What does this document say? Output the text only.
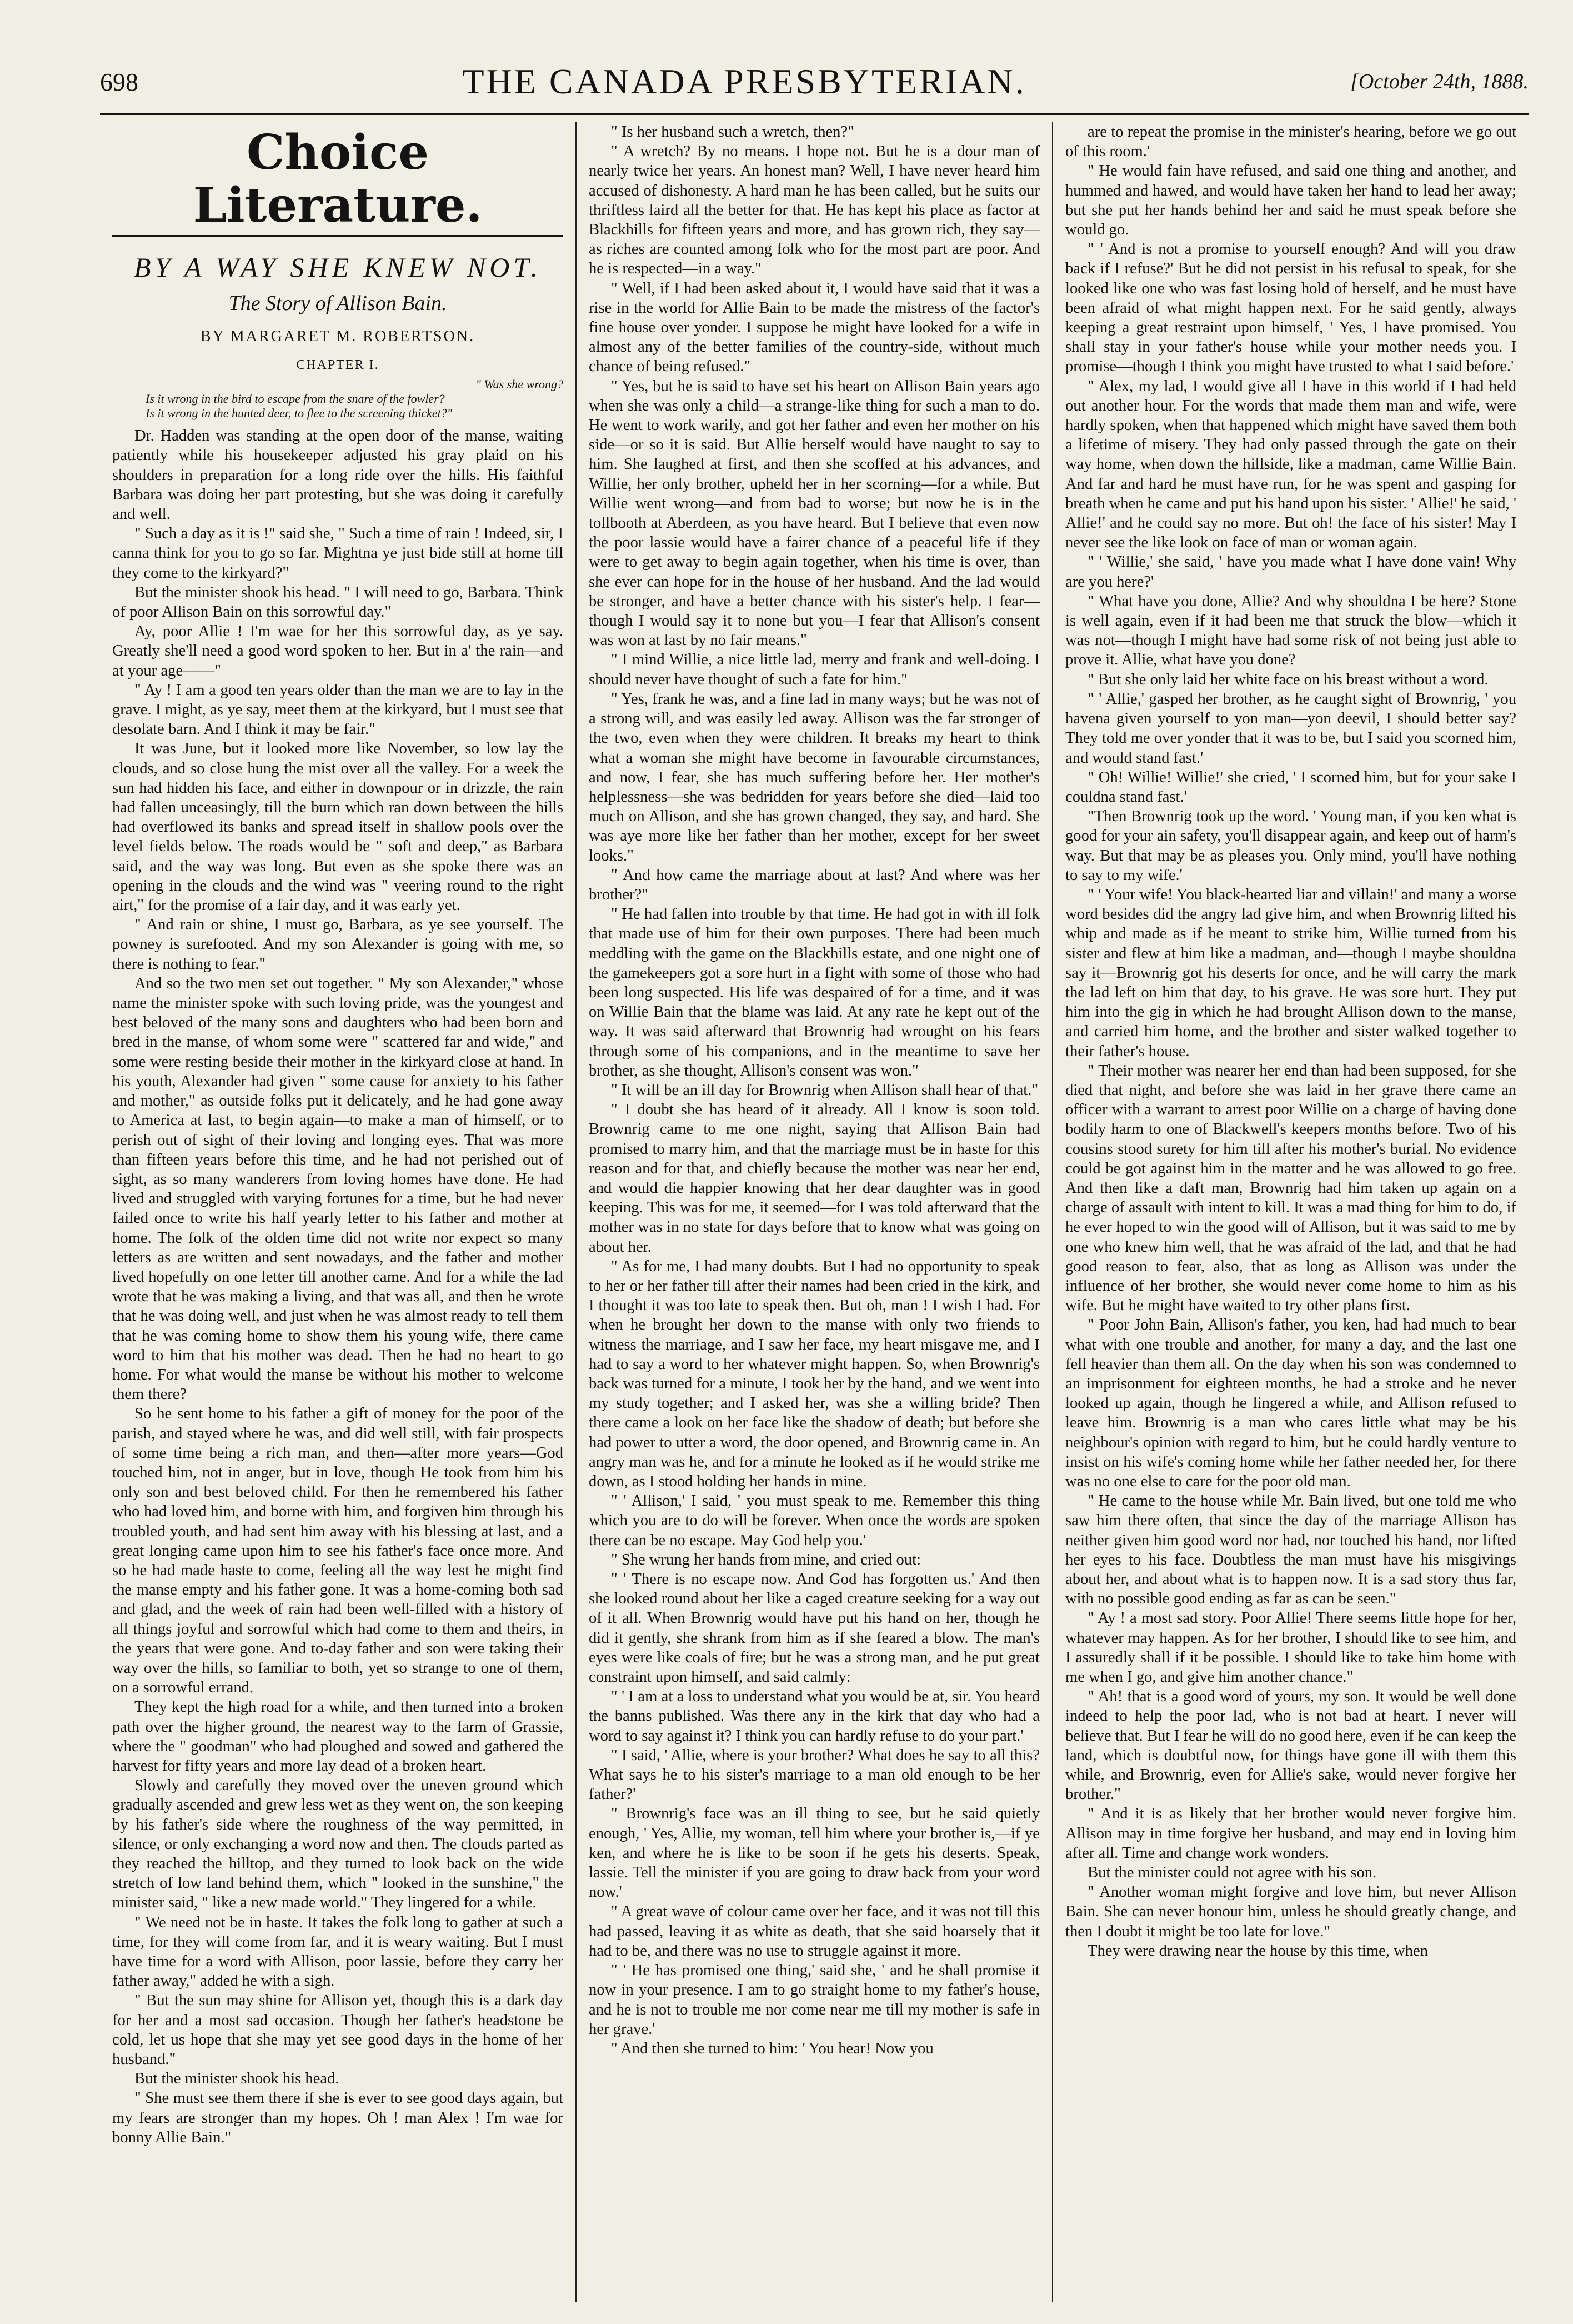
698	THE CANADA PRESBYTERIAN.	[October 24th, 1888.
Choice Literature.
BY A WAY SHE KNEW NOT.
The Story of Allison Bain.
BY MARGARET M. ROBERTSON.
CHAPTER I.
" Was she wrong?
Is it wrong in the bird to escape from the snare of the fowler?
Is it wrong in the hunted deer, to flee to the screening thicket?"

Dr. Hadden was standing at the open door of the manse, waiting patiently while his housekeeper adjusted his gray plaid on his shoulders in preparation for a long ride over the hills. His faithful Barbara was doing her part protesting, but she was doing it carefully and well.

" Such a day as it is !" said she, " Such a time of rain ! Indeed, sir, I canna think for you to go so far. Mightna ye just bide still at home till they come to the kirkyard?"

But the minister shook his head. " I will need to go, Barbara. Think of poor Allison Bain on this sorrowful day."

Ay, poor Allie ! I'm wae for her this sorrowful day, as ye say. Greatly she'll need a good word spoken to her. But in a' the rain—and at your age——"

" Ay ! I am a good ten years older than the man we are to lay in the grave. I might, as ye say, meet them at the kirkyard, but I must see that desolate barn. And I think it may be fair."

It was June, but it looked more like November, so low lay the clouds, and so close hung the mist over all the valley. For a week the sun had hidden his face, and either in downpour or in drizzle, the rain had fallen unceasingly, till the burn which ran down between the hills had overflowed its banks and spread itself in shallow pools over the level fields below. The roads would be " soft and deep," as Barbara said, and the way was long. But even as she spoke there was an opening in the clouds and the wind was " veering round to the right airt," for the promise of a fair day, and it was early yet.

" And rain or shine, I must go, Barbara, as ye see yourself. The powney is surefooted. And my son Alexander is going with me, so there is nothing to fear."

And so the two men set out together. " My son Alexander," whose name the minister spoke with such loving pride, was the youngest and best beloved of the many sons and daughters who had been born and bred in the manse, of whom some were " scattered far and wide," and some were resting beside their mother in the kirkyard close at hand. In his youth, Alexander had given " some cause for anxiety to his father and mother," as outside folks put it delicately, and he had gone away to America at last, to begin again—to make a man of himself, or to perish out of sight of their loving and longing eyes. That was more than fifteen years before this time, and he had not perished out of sight, as so many wanderers from loving homes have done. He had lived and struggled with varying fortunes for a time, but he had never failed once to write his half yearly letter to his father and mother at home. The folk of the olden time did not write nor expect so many letters as are written and sent nowadays, and the father and mother lived hopefully on one letter till another came. And for a while the lad wrote that he was making a living, and that was all, and then he wrote that he was doing well, and just when he was almost ready to tell them that he was coming home to show them his young wife, there came word to him that his mother was dead. Then he had no heart to go home. For what would the manse be without his mother to welcome them there?

So he sent home to his father a gift of money for the poor of the parish, and stayed where he was, and did well still, with fair prospects of some time being a rich man, and then—after more years—God touched him, not in anger, but in love, though He took from him his only son and best beloved child. For then he remembered his father who had loved him, and borne with him, and forgiven him through his troubled youth, and had sent him away with his blessing at last, and a great longing came upon him to see his father's face once more. And so he had made haste to come, feeling all the way lest he might find the manse empty and his father gone. It was a home-coming both sad and glad, and the week of rain had been well-filled with a history of all things joyful and sorrowful which had come to them and theirs, in the years that were gone. And to-day father and son were taking their way over the hills, so familiar to both, yet so strange to one of them, on a sorrowful errand.

They kept the high road for a while, and then turned into a broken path over the higher ground, the nearest way to the farm of Grassie, where the " goodman" who had ploughed and sowed and gathered the harvest for fifty years and more lay dead of a broken heart.

Slowly and carefully they moved over the uneven ground which gradually ascended and grew less wet as they went on, the son keeping by his father's side where the roughness of the way permitted, in silence, or only exchanging a word now and then. The clouds parted as they reached the hilltop, and they turned to look back on the wide stretch of low land behind them, which " looked in the sunshine," the minister said, " like a new made world." They lingered for a while.

" We need not be in haste. It takes the folk long to gather at such a time, for they will come from far, and it is weary waiting. But I must have time for a word with Allison, poor lassie, before they carry her father away," added he with a sigh.

" But the sun may shine for Allison yet, though this is a dark day for her and a most sad occasion. Though her father's headstone be cold, let us hope that she may yet see good days in the home of her husband."

But the minister shook his head.

" She must see them there if she is ever to see good days again, but my fears are stronger than my hopes. Oh ! man Alex ! I'm wae for bonny Allie Bain."

" Is her husband such a wretch, then?"

" A wretch? By no means. I hope not. But he is a dour man of nearly twice her years. An honest man? Well, I have never heard him accused of dishonesty. A hard man he has been called, but he suits our thriftless laird all the better for that. He has kept his place as factor at Blackhills for fifteen years and more, and has grown rich, they say—as riches are counted among folk who for the most part are poor. And he is respected—in a way."

" Well, if I had been asked about it, I would have said that it was a rise in the world for Allie Bain to be made the mistress of the factor's fine house over yonder. I suppose he might have looked for a wife in almost any of the better families of the country-side, without much chance of being refused."

" Yes, but he is said to have set his heart on Allison Bain years ago when she was only a child—a strange-like thing for such a man to do. He went to work warily, and got her father and even her mother on his side—or so it is said. But Allie herself would have naught to say to him. She laughed at first, and then she scoffed at his advances, and Willie, her only brother, upheld her in her scorning—for a while. But Willie went wrong—and from bad to worse; but now he is in the tollbooth at Aberdeen, as you have heard. But I believe that even now the poor lassie would have a fairer chance of a peaceful life if they were to get away to begin again together, when his time is over, than she ever can hope for in the house of her husband. And the lad would be stronger, and have a better chance with his sister's help. I fear—though I would say it to none but you—I fear that Allison's consent was won at last by no fair means."

" I mind Willie, a nice little lad, merry and frank and well-doing. I should never have thought of such a fate for him."

" Yes, frank he was, and a fine lad in many ways; but he was not of a strong will, and was easily led away. Allison was the far stronger of the two, even when they were children. It breaks my heart to think what a woman she might have become in favourable circumstances, and now, I fear, she has much suffering before her. Her mother's helplessness—she was bedridden for years before she died—laid too much on Allison, and she has grown changed, they say, and hard. She was aye more like her father than her mother, except for her sweet looks."

" And how came the marriage about at last? And where was her brother?"

" He had fallen into trouble by that time. He had got in with ill folk that made use of him for their own purposes. There had been much meddling with the game on the Blackhills estate, and one night one of the gamekeepers got a sore hurt in a fight with some of those who had been long suspected. His life was despaired of for a time, and it was on Willie Bain that the blame was laid. At any rate he kept out of the way. It was said afterward that Brownrig had wrought on his fears through some of his companions, and in the meantime to save her brother, as she thought, Allison's consent was won."

" It will be an ill day for Brownrig when Allison shall hear of that."

" I doubt she has heard of it already. All I know is soon told. Brownrig came to me one night, saying that Allison Bain had promised to marry him, and that the marriage must be in haste for this reason and for that, and chiefly because the mother was near her end, and would die happier knowing that her dear daughter was in good keeping. This was for me, it seemed—for I was told afterward that the mother was in no state for days before that to know what was going on about her.

" As for me, I had many doubts. But I had no opportunity to speak to her or her father till after their names had been cried in the kirk, and I thought it was too late to speak then. But oh, man ! I wish I had. For when he brought her down to the manse with only two friends to witness the marriage, and I saw her face, my heart misgave me, and I had to say a word to her whatever might happen. So, when Brownrig's back was turned for a minute, I took her by the hand, and we went into my study together; and I asked her, was she a willing bride? Then there came a look on her face like the shadow of death; but before she had power to utter a word, the door opened, and Brownrig came in. An angry man was he, and for a minute he looked as if he would strike me down, as I stood holding her hands in mine.

" ' Allison,' I said, ' you must speak to me. Remember this thing which you are to do will be forever. When once the words are spoken there can be no escape. May God help you.'

" She wrung her hands from mine, and cried out:

" ' There is no escape now. And God has forgotten us.' And then she looked round about her like a caged creature seeking for a way out of it all. When Brownrig would have put his hand on her, though he did it gently, she shrank from him as if she feared a blow. The man's eyes were like coals of fire; but he was a strong man, and he put great constraint upon himself, and said calmly:

" ' I am at a loss to understand what you would be at, sir. You heard the banns published. Was there any in the kirk that day who had a word to say against it? I think you can hardly refuse to do your part.'

" I said, ' Allie, where is your brother? What does he say to all this? What says he to his sister's marriage to a man old enough to be her father?'

" Brownrig's face was an ill thing to see, but he said quietly enough, ' Yes, Allie, my woman, tell him where your brother is,—if ye ken, and where he is like to be soon if he gets his deserts. Speak, lassie. Tell the minister if you are going to draw back from your word now.'

" A great wave of colour came over her face, and it was not till this had passed, leaving it as white as death, that she said hoarsely that it had to be, and there was no use to struggle against it more.

" ' He has promised one thing,' said she, ' and he shall promise it now in your presence. I am to go straight home to my father's house, and he is not to trouble me nor come near me till my mother is safe in her grave.'

" And then she turned to him: ' You hear! Now you

are to repeat the promise in the minister's hearing, before we go out of this room.'

" He would fain have refused, and said one thing and another, and hummed and hawed, and would have taken her hand to lead her away; but she put her hands behind her and said he must speak before she would go.

" ' And is not a promise to yourself enough? And will you draw back if I refuse?' But he did not persist in his refusal to speak, for she looked like one who was fast losing hold of herself, and he must have been afraid of what might happen next. For he said gently, always keeping a great restraint upon himself, ' Yes, I have promised. You shall stay in your father's house while your mother needs you. I promise—though I think you might have trusted to what I said before.'

" Alex, my lad, I would give all I have in this world if I had held out another hour. For the words that made them man and wife, were hardly spoken, when that happened which might have saved them both a lifetime of misery. They had only passed through the gate on their way home, when down the hillside, like a madman, came Willie Bain. And far and hard he must have run, for he was spent and gasping for breath when he came and put his hand upon his sister. ' Allie!' he said, ' Allie!' and he could say no more. But oh! the face of his sister! May I never see the like look on face of man or woman again.

" ' Willie,' she said, ' have you made what I have done vain! Why are you here?'

" What have you done, Allie? And why shouldna I be here? Stone is well again, even if it had been me that struck the blow—which it was not—though I might have had some risk of not being just able to prove it. Allie, what have you done?

" But she only laid her white face on his breast without a word.

" ' Allie,' gasped her brother, as he caught sight of Brownrig, ' you havena given yourself to yon man—yon deevil, I should better say? They told me over yonder that it was to be, but I said you scorned him, and would stand fast.'

" Oh! Willie! Willie!' she cried, ' I scorned him, but for your sake I couldna stand fast.'

"Then Brownrig took up the word. ' Young man, if you ken what is good for your ain safety, you'll disappear again, and keep out of harm's way. But that may be as pleases you. Only mind, you'll have nothing to say to my wife.'

" ' Your wife! You black-hearted liar and villain!' and many a worse word besides did the angry lad give him, and when Brownrig lifted his whip and made as if he meant to strike him, Willie turned from his sister and flew at him like a madman, and—though I maybe shouldna say it—Brownrig got his deserts for once, and he will carry the mark the lad left on him that day, to his grave. He was sore hurt. They put him into the gig in which he had brought Allison down to the manse, and carried him home, and the brother and sister walked together to their father's house.

" Their mother was nearer her end than had been supposed, for she died that night, and before she was laid in her grave there came an officer with a warrant to arrest poor Willie on a charge of having done bodily harm to one of Blackwell's keepers months before. Two of his cousins stood surety for him till after his mother's burial. No evidence could be got against him in the matter and he was allowed to go free. And then like a daft man, Brownrig had him taken up again on a charge of assault with intent to kill. It was a mad thing for him to do, if he ever hoped to win the good will of Allison, but it was said to me by one who knew him well, that he was afraid of the lad, and that he had good reason to fear, also, that as long as Allison was under the influence of her brother, she would never come home to him as his wife. But he might have waited to try other plans first.

" Poor John Bain, Allison's father, you ken, had had much to bear what with one trouble and another, for many a day, and the last one fell heavier than them all. On the day when his son was condemned to an imprisonment for eighteen months, he had a stroke and he never looked up again, though he lingered a while, and Allison refused to leave him. Brownrig is a man who cares little what may be his neighbour's opinion with regard to him, but he could hardly venture to insist on his wife's coming home while her father needed her, for there was no one else to care for the poor old man.

" He came to the house while Mr. Bain lived, but one told me who saw him there often, that since the day of the marriage Allison has neither given him good word nor had, nor touched his hand, nor lifted her eyes to his face. Doubtless the man must have his misgivings about her, and about what is to happen now. It is a sad story thus far, with no possible good ending as far as can be seen."

" Ay ! a most sad story. Poor Allie! There seems little hope for her, whatever may happen. As for her brother, I should like to see him, and I assuredly shall if it be possible. I should like to take him home with me when I go, and give him another chance."

" Ah! that is a good word of yours, my son. It would be well done indeed to help the poor lad, who is not bad at heart. I never will believe that. But I fear he will do no good here, even if he can keep the land, which is doubtful now, for things have gone ill with them this while, and Brownrig, even for Allie's sake, would never forgive her brother."

" And it is as likely that her brother would never forgive him. Allison may in time forgive her husband, and may end in loving him after all. Time and change work wonders.

But the minister could not agree with his son.

" Another woman might forgive and love him, but never Allison Bain. She can never honour him, unless he should greatly change, and then I doubt it might be too late for love."

They were drawing near the house by this time, when
